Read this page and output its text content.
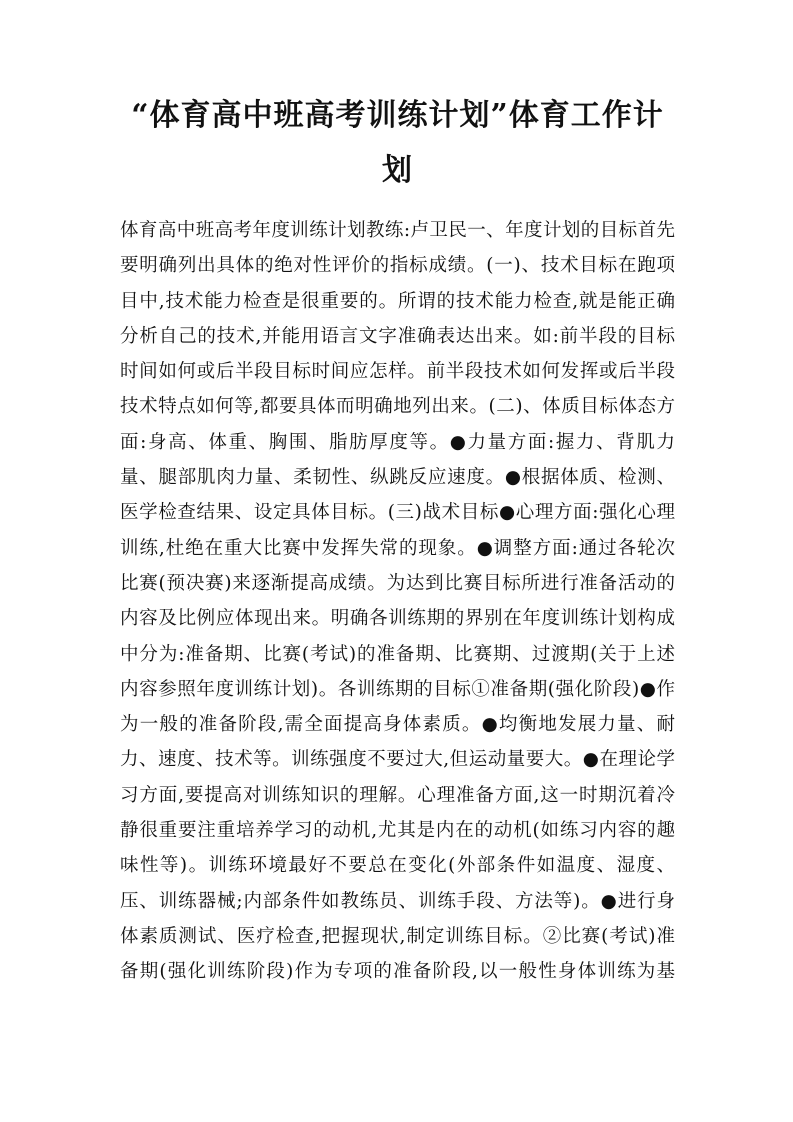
“体育高中班高考训练计划”体育工作计
划
体育高中班高考年度训练计划教练:卢卫民一、年度计划的目标首先
要明确列出具体的绝对性评价的指标成绩。(一)、技术目标在跑项
目中,技术能力检查是很重要的。所谓的技术能力检查,就是能正确
分析自己的技术,并能用语言文字准确表达出来。如:前半段的目标
时间如何或后半段目标时间应怎样。前半段技术如何发挥或后半段
技术特点如何等,都要具体而明确地列出来。(二)、体质目标体态方
面:身高、体重、胸围、脂肪厚度等。●力量方面:握力、背肌力
量、腿部肌肉力量、柔韧性、纵跳反应速度。●根据体质、检测、
医学检查结果、设定具体目标。(三)战术目标●心理方面:强化心理
训练,杜绝在重大比赛中发挥失常的现象。●调整方面:通过各轮次
比赛(预决赛)来逐渐提高成绩。为达到比赛目标所进行准备活动的
内容及比例应体现出来。明确各训练期的界别在年度训练计划构成
中分为:准备期、比赛(考试)的准备期、比赛期、过渡期(关于上述
内容参照年度训练计划)。各训练期的目标①准备期(强化阶段)●作
为一般的准备阶段,需全面提高身体素质。●均衡地发展力量、耐
力、速度、技术等。训练强度不要过大,但运动量要大。●在理论学
习方面,要提高对训练知识的理解。心理准备方面,这一时期沉着冷
静很重要注重培养学习的动机,尤其是内在的动机(如练习内容的趣
味性等)。训练环境最好不要总在变化(外部条件如温度、湿度、
压、训练器械;内部条件如教练员、训练手段、方法等)。●进行身
体素质测试、医疗检查,把握现状,制定训练目标。②比赛(考试)准
备期(强化训练阶段)作为专项的准备阶段,以一般性身体训练为基
